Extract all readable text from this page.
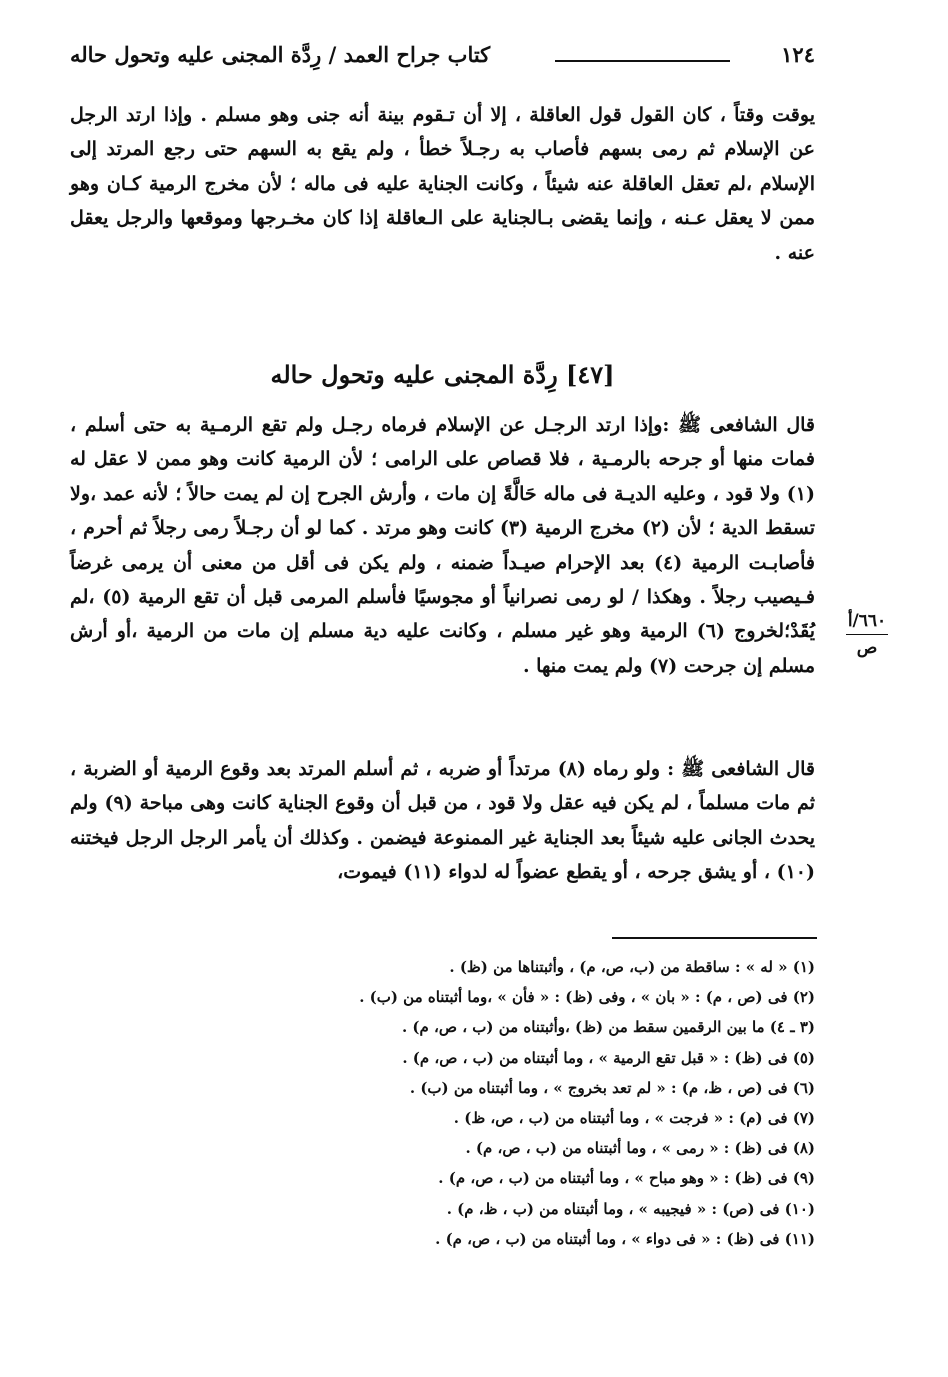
١٢٤
كتاب جراح العمد / رِدَّة المجنى عليه وتحول حاله
يوقت وقتاً ، كان القول قول العاقلة ، إلا أن تـقوم بينة أنه جنى وهو مسلم . وإذا ارتد الرجل عن الإسلام ثم رمى بسهم فأصاب به رجـلاً خطأ ، ولم يقع به السهم حتى رجع المرتد إلى الإسلام ،لم تعقل العاقلة عنه شيئاً ، وكانت الجناية عليه فى ماله ؛ لأن مخرج الرمية كـان وهو ممن لا يعقل عـنه ، وإنما يقضى بـالجناية على الـعاقلة إذا كان مخـرجها وموقعها والرجل يعقل عنه .
[٤٧] رِدَّة المجنى عليه وتحول حاله
قال الشافعى ﷺ :وإذا ارتد الرجـل عن الإسلام فرماه رجـل ولم تقع الرمـية به حتى أسلم ، فمات منها أو جرحه بالرمـية ، فلا قصاص على الرامى ؛ لأن الرمية كانت وهو ممن لا عقل له (١) ولا قود ، وعليه الديـة فى ماله حَالَّةً إن مات ، وأرش الجرح إن لم يمت حالاً ؛ لأنه عمد ،ولا تسقط الدية ؛ لأن (٢) مخرج الرمية (٣) كانت وهو مرتد . كما لو أن رجـلاً رمى رجلاً ثم أحرم ، فأصابـت الرمية (٤) بعد الإحرام صيـداً ضمنه ، ولم يكن فى أقل من معنى أن يرمى غرضاً فـيصيب رجلاً . وهكذا / لو رمى نصرانياً أو مجوسيًا فأسلم المرمى قبل أن تقع الرمية (٥) ،لم يُقَدْ؛لخروج (٦) الرمية وهو غير مسلم ، وكانت عليه دية مسلم إن مات من الرمية ،أو أرش مسلم إن جرحت (٧) ولم يمت منها .
٦٦٠/أ
ص
قال الشافعى ﷺ : ولو رماه (٨) مرتداً أو ضربه ، ثم أسلم المرتد بعد وقوع الرمية أو الضربة ، ثم مات مسلماً ، لم يكن فيه عقل ولا قود ، من قبل أن وقوع الجناية كانت وهى مباحة (٩) ولم يحدث الجانى عليه شيئاً بعد الجناية غير الممنوعة فيضمن . وكذلك أن يأمر الرجل الرجل فيختنه (١٠) ، أو يشق جرحه ، أو يقطع عضواً له لدواء (١١) فيموت،
(١) « له » : ساقطة من (ب، ص، م) ، وأثبتناها من (ظ) .
(٢) فى (ص ، م) : « بان » ، وفى (ظ) : « فأن » ،وما أثبتناه من (ب) .
(٣ ـ ٤) ما بين الرقمين سقط من (ظ) ،وأثبتناه من (ب ، ص، م) .
(٥) فى (ظ) : « قبل تقع الرمية » ، وما أثبتناه من (ب ، ص، م) .
(٦) فى (ص ، ظ، م) : « لم تعد بخروج » ، وما أثبتناه من (ب) .
(٧) فى (م) : « فرجت » ، وما أثبتناه من (ب ، ص، ظ) .
(٨) فى (ظ) : « رمى » ، وما أثبتناه من (ب ، ص، م) .
(٩) فى (ظ) : « وهو مباح » ، وما أثبتناه من (ب ، ص، م) .
(١٠) فى (ص) : « فيجيبه » ، وما أثبتناه من (ب ، ظ، م) .
(١١) فى (ظ) : « فى دواء » ، وما أثبتناه من (ب ، ص، م) .
